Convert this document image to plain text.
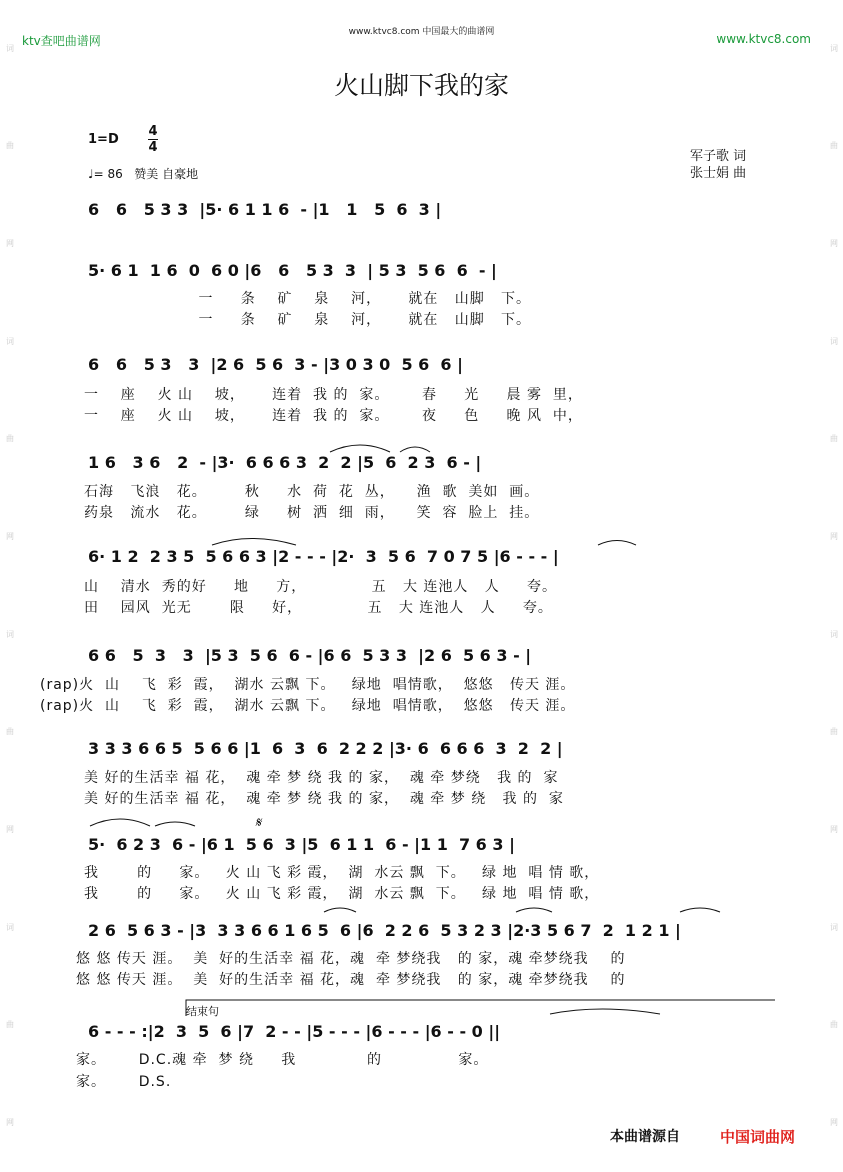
词
曲
网
词
曲
网
词
曲
网
词
曲
网
词
曲
网
词
曲
网
词
曲
网
词
曲
网
ktv查吧曲谱网
www.ktvc8.com 中国最大的曲谱网	www.ktvc8.com
火山脚下我的家
1=D
4
4
♩= 86 赞美 自豪地
军子歌 词
张士娟 曲
6   6   5 3 3  |5· 6 1 1 6  - |1   1   5  6  3 |
5· 6 1  1 6  0  6 0 |6   6   5 3  3  | 5 3  5 6  6  - |
一     条    矿    泉    河，     就在   山脚   下。
一     条    矿    泉    河，     就在   山脚   下。
6   6   5 3   3  |2 6  5 6  3 - |3 0 3 0  5 6  6 |
一    座    火 山    坡，     连着  我 的  家。      春     光     晨 雾  里，
一    座    火 山    坡，     连着  我 的  家。      夜     色     晚 风  中，
1 6   3 6   2  - |3·  6 6 6 3  2  2 |5  6  2 3  6 - |
石海   飞浪   花。       秋     水  荷  花  丛，    渔  歌  美如  画。
药泉   流水   花。       绿     树  洒  细  雨，    笑  容  脸上  挂。
6· 1 2  2 3 5  5 6 6 3 |2 - - - |2·  3  5 6  7 0 7 5 |6 - - - |
山    清水  秀的好     地     方，            五   大 连池人   人     夸。
田    园风  光无       限     好，            五   大 连池人   人     夸。
6 6   5  3   3  |5 3  5 6  6 - |6 6  5 3 3  |2 6  5 6 3 - |
(rap)火  山    飞  彩  霞，  湖水 云飘 下。   绿地  唱情歌，  悠悠   传天 涯。
(rap)火  山    飞  彩  霞，  湖水 云飘 下。   绿地  唱情歌，  悠悠   传天 涯。
3 3 3 6 6 5  5 6 6 |1  6  3  6  2 2 2 |3· 6  6 6 6  3  2  2 |
美 好的生活幸 福 花，  魂 牵 梦 绕 我 的 家，  魂 牵 梦绕   我 的  家
美 好的生活幸 福 花，  魂 牵 梦 绕 我 的 家，  魂 牵 梦 绕   我 的  家
𝄋
5·  6 2 3  6 - |6 1  5 6  3 |5  6 1 1  6 - |1 1  7 6 3 |
我       的     家。   火 山 飞 彩 霞，  湖  水云 飘  下。   绿 地  唱 情 歌，
我       的     家。   火 山 飞 彩 霞，  湖  水云 飘  下。   绿 地  唱 情 歌，
2 6  5 6 3 - |3  3 3 6 6 1 6 5  6 |6  2 2 6  5 3 2 3 |2·3 5 6 7  2  1 2 1 |
悠 悠 传天 涯。  美  好的生活幸 福 花，魂  牵 梦绕我   的 家，魂 牵梦绕我    的
悠 悠 传天 涯。  美  好的生活幸 福 花，魂  牵 梦绕我   的 家，魂 牵梦绕我    的
结束句
6 - - - :|2  3  5  6 |7  2 - - |5 - - - |6 - - - |6 - - 0 ||
家。      D.C.魂 牵  梦 绕     我             的              家。
家。      D.S.
本曲谱源自	中国词曲网
